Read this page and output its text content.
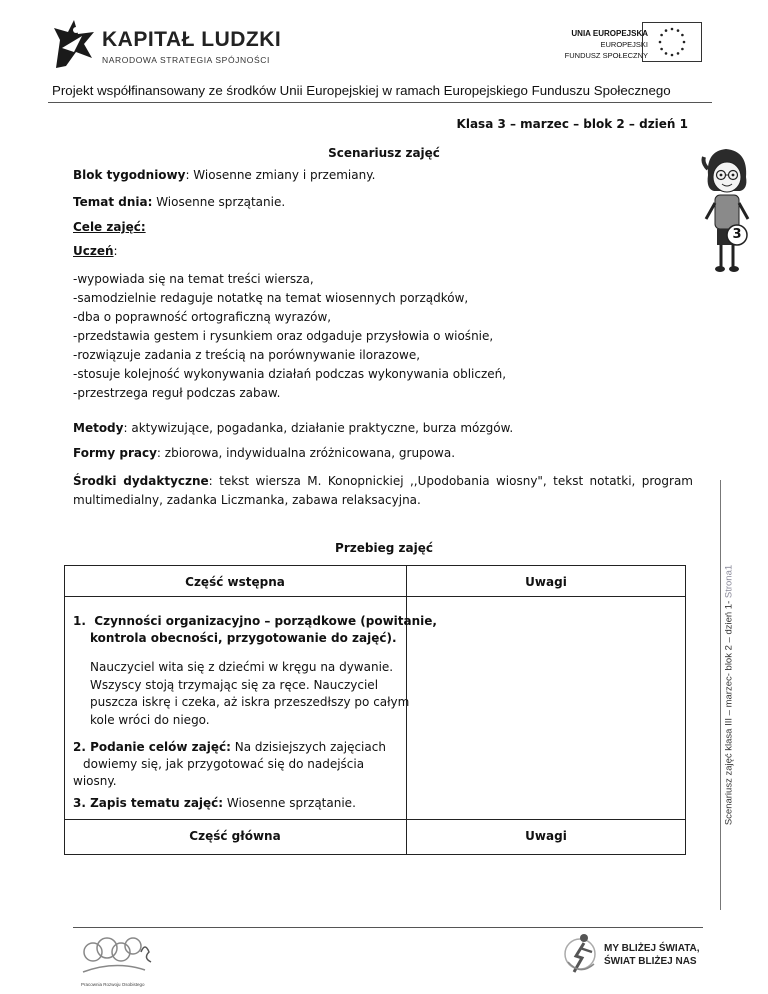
KAPITAŁ LUDZKI
NARODOWA STRATEGIA SPÓJNOŚCI
UNIA EUROPEJSKA
EUROPEJSKI
FUNDUSZ SPOŁECZNY
Projekt współfinansowany ze środków Unii Europejskiej w ramach Europejskiego Funduszu Społecznego
Klasa 3 – marzec – blok 2 – dzień 1
Scenariusz zajęć
Blok tygodniowy: Wiosenne zmiany i przemiany.
Temat dnia: Wiosenne sprzątanie.
Cele zajęć:
Uczeń:
-wypowiada się na temat treści wiersza,
-samodzielnie redaguje notatkę na temat wiosennych porządków,
-dba o poprawność ortograficzną wyrazów,
-przedstawia gestem i rysunkiem oraz odgaduje przysłowia o wiośnie,
-rozwiązuje zadania z treścią na porównywanie ilorazowe,
-stosuje kolejność wykonywania działań podczas wykonywania obliczeń,
-przestrzega reguł podczas zabaw.
Metody: aktywizujące, pogadanka, działanie praktyczne, burza mózgów.
Formy pracy: zbiorowa, indywidualna zróżnicowana, grupowa.
Środki dydaktyczne: tekst wiersza M. Konopnickiej ,,Upodobania wiosny", tekst notatki, program multimedialny, zadanka Liczmanka, zabawa relaksacyjna.
Przebieg zajęć
3
Część wstępna	Uwagi
1. Czynności organizacyjno – porządkowe (powitanie,
kontrola obecności, przygotowanie do zajęć).
Nauczyciel wita się z dziećmi w kręgu na dywanie.
Wszyscy stoją trzymając się za ręce. Nauczyciel
puszcza iskrę i czeka, aż iskra przeszedłszy po całym
kole wróci do niego.
2. Podanie celów zajęć: Na dzisiejszych zajęciach
dowiemy się, jak przygotować się do nadejścia
wiosny.
3. Zapis tematu zajęć: Wiosenne sprzątanie.
Część główna	Uwagi
Scenariusz zajęć klasa III – marzec- blok 2 – dzień 1- Strona1
Pracownia Rozwoju Osobistego
MY BLIŻEJ ŚWIATA,
ŚWIAT BLIŻEJ NAS
